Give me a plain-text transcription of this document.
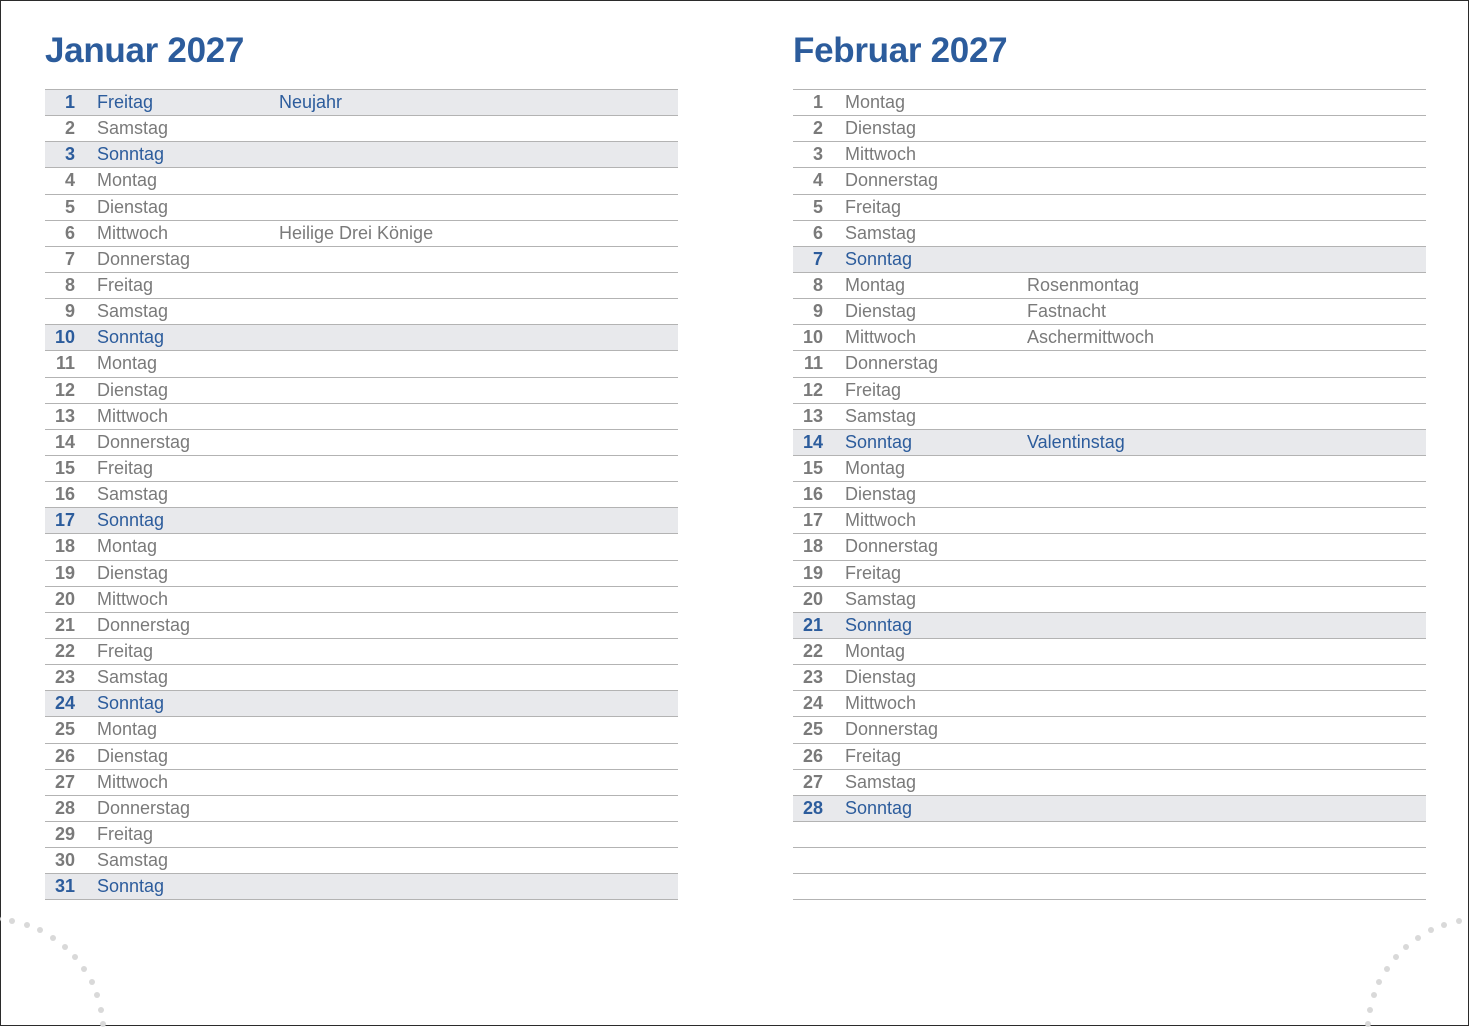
Januar 2027
1 Freitag	Neujahr
2 Samstag
3 Sonntag
4 Montag
5 Dienstag
6 Mittwoch	Heilige Drei Könige
7 Donnerstag
8 Freitag
9 Samstag
10 Sonntag
11 Montag
12 Dienstag
13 Mittwoch
14 Donnerstag
15 Freitag
16 Samstag
17 Sonntag
18 Montag
19 Dienstag
20 Mittwoch
21 Donnerstag
22 Freitag
23 Samstag
24 Sonntag
25 Montag
26 Dienstag
27 Mittwoch
28 Donnerstag
29 Freitag
30 Samstag
31 Sonntag
Februar 2027
1 Montag
2 Dienstag
3 Mittwoch
4 Donnerstag
5 Freitag
6 Samstag
7 Sonntag
8 Montag	Rosenmontag
9 Dienstag	Fastnacht
10 Mittwoch	Aschermittwoch
11 Donnerstag
12 Freitag
13 Samstag
14 Sonntag	Valentinstag
15 Montag
16 Dienstag
17 Mittwoch
18 Donnerstag
19 Freitag
20 Samstag
21 Sonntag
22 Montag
23 Dienstag
24 Mittwoch
25 Donnerstag
26 Freitag
27 Samstag
28 Sonntag
